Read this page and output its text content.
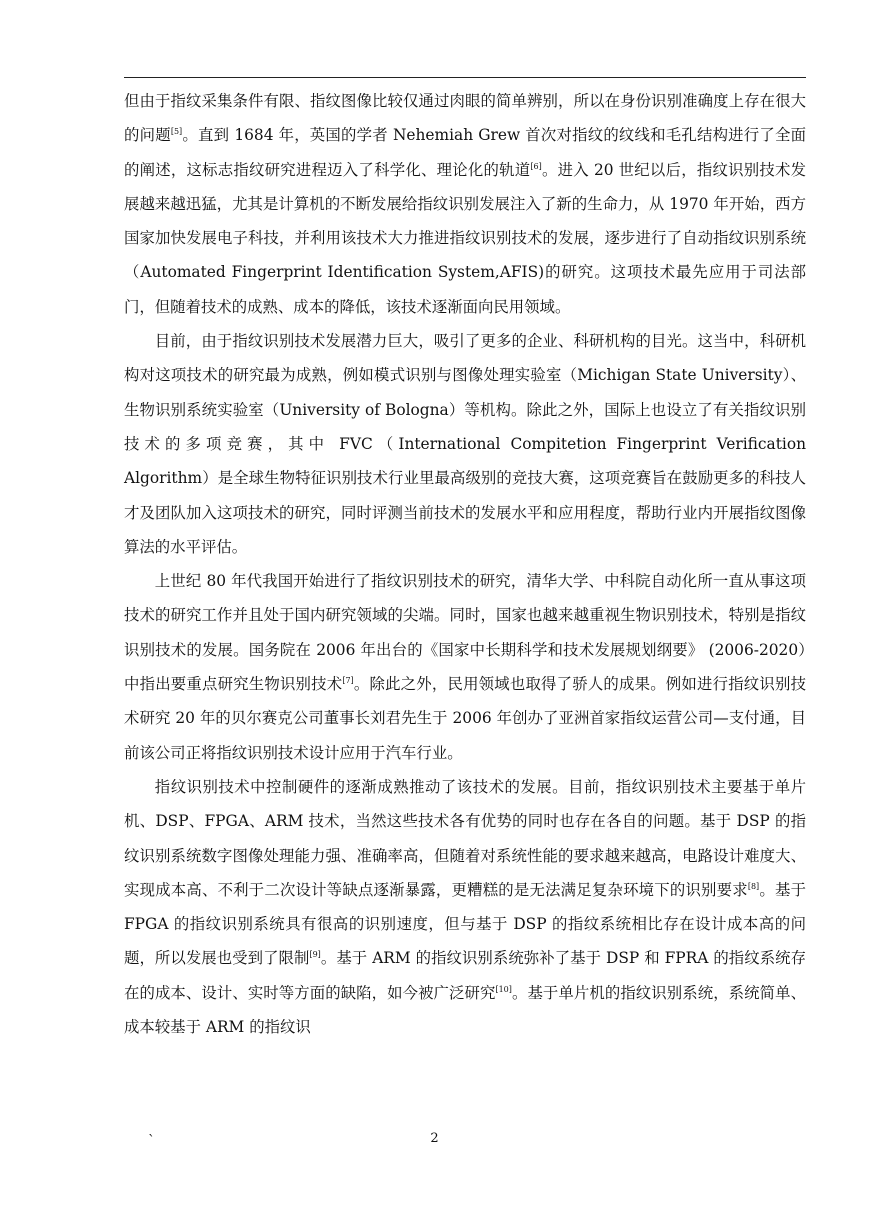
但由于指纹采集条件有限、指纹图像比较仅通过肉眼的简单辨别，所以在身份识别准确度上存在很大的问题[5]。直到 1684 年，英国的学者 Nehemiah Grew 首次对指纹的纹线和毛孔结构进行了全面的阐述，这标志指纹研究进程迈入了科学化、理论化的轨道[6]。进入 20 世纪以后，指纹识别技术发展越来越迅猛，尤其是计算机的不断发展给指纹识别发展注入了新的生命力，从 1970 年开始，西方国家加快发展电子科技，并利用该技术大力推进指纹识别技术的发展，逐步进行了自动指纹识别系统（Automated Fingerprint Identification System,AFIS)的研究。这项技术最先应用于司法部门，但随着技术的成熟、成本的降低，该技术逐渐面向民用领域。

目前，由于指纹识别技术发展潜力巨大，吸引了更多的企业、科研机构的目光。这当中，科研机构对这项技术的研究最为成熟，例如模式识别与图像处理实验室（Michigan State University）、生物识别系统实验室（University of Bologna）等机构。除此之外，国际上也设立了有关指纹识别技术的多项竞赛，其中 FVC（International Compitetion Fingerprint Verification Algorithm）是全球生物特征识别技术行业里最高级别的竞技大赛，这项竞赛旨在鼓励更多的科技人才及团队加入这项技术的研究，同时评测当前技术的发展水平和应用程度，帮助行业内开展指纹图像算法的水平评估。

上世纪 80 年代我国开始进行了指纹识别技术的研究，清华大学、中科院自动化所一直从事这项技术的研究工作并且处于国内研究领域的尖端。同时，国家也越来越重视生物识别技术，特别是指纹识别技术的发展。国务院在 2006 年出台的《国家中长期科学和技术发展规划纲要》 (2006-2020）中指出要重点研究生物识别技术[7]。除此之外，民用领域也取得了骄人的成果。例如进行指纹识别技术研究 20 年的贝尔赛克公司董事长刘君先生于 2006 年创办了亚洲首家指纹运营公司—支付通，目前该公司正将指纹识别技术设计应用于汽车行业。

指纹识别技术中控制硬件的逐渐成熟推动了该技术的发展。目前，指纹识别技术主要基于单片机、DSP、FPGA、ARM 技术，当然这些技术各有优势的同时也存在各自的问题。基于 DSP 的指纹识别系统数字图像处理能力强、准确率高，但随着对系统性能的要求越来越高，电路设计难度大、实现成本高、不利于二次设计等缺点逐渐暴露，更糟糕的是无法满足复杂环境下的识别要求[8]。基于 FPGA 的指纹识别系统具有很高的识别速度，但与基于 DSP 的指纹系统相比存在设计成本高的问题，所以发展也受到了限制[9]。基于 ARM 的指纹识别系统弥补了基于 DSP 和 FPRA 的指纹系统存在的成本、设计、实时等方面的缺陷，如今被广泛研究[10]。基于单片机的指纹识别系统，系统简单、成本较基于 ARM 的指纹识

`	2
